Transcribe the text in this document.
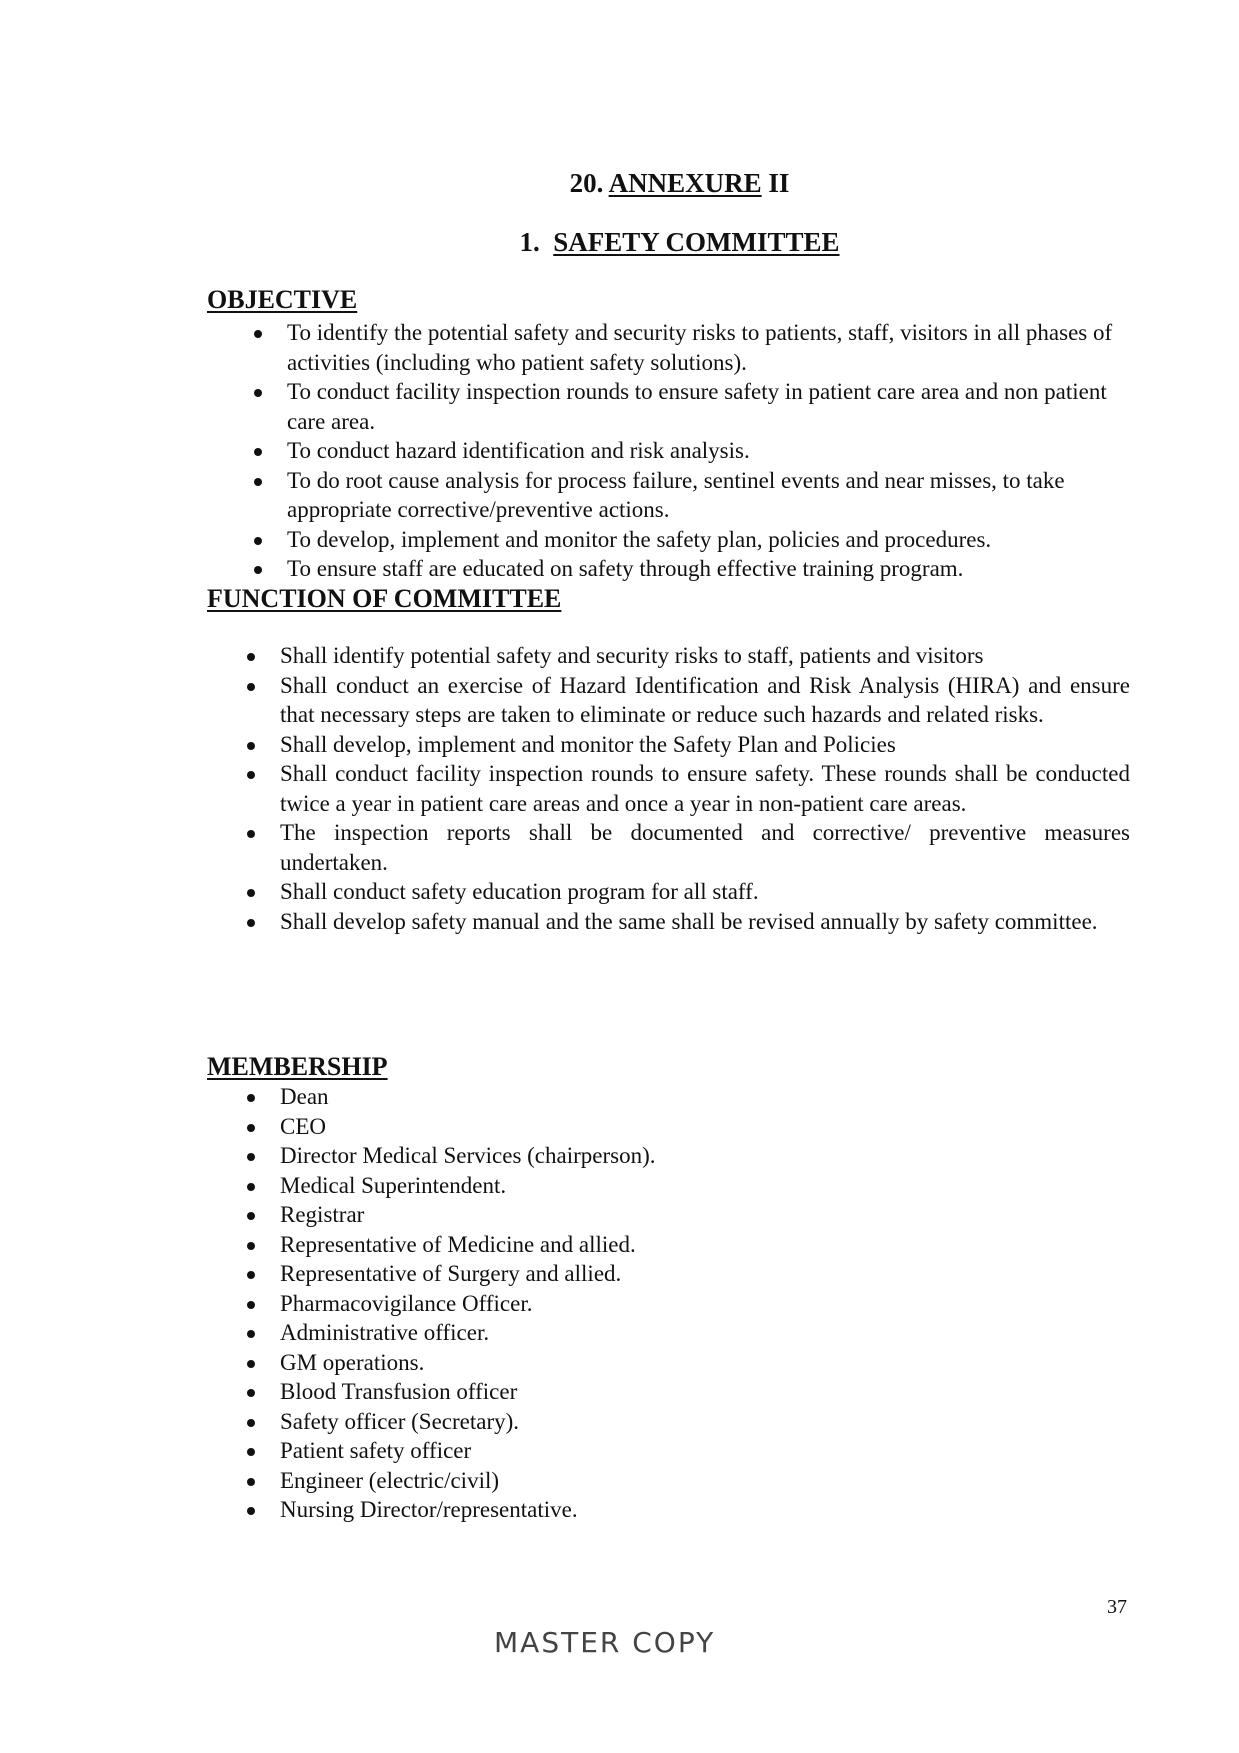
20. ANNEXURE II
1. SAFETY COMMITTEE
OBJECTIVE
To identify the potential safety and security risks to patients, staff, visitors in all phases of activities (including who patient safety solutions).
To conduct facility inspection rounds to ensure safety in patient care area and non patient care area.
To conduct hazard identification and risk analysis.
To do root cause analysis for process failure, sentinel events and near misses, to take appropriate corrective/preventive actions.
To develop, implement and monitor the safety plan, policies and procedures.
To ensure staff are educated on safety through effective training program.
FUNCTION OF COMMITTEE
Shall identify potential safety and security risks to staff, patients and visitors
Shall conduct an exercise of Hazard Identification and Risk Analysis (HIRA) and ensure that necessary steps are taken to eliminate or reduce such hazards and related risks.
Shall develop, implement and monitor the Safety Plan and Policies
Shall conduct facility inspection rounds to ensure safety. These rounds shall be conducted twice a year in patient care areas and once a year in non-patient care areas.
The inspection reports shall be documented and corrective/ preventive measures undertaken.
Shall conduct safety education program for all staff.
Shall develop safety manual and the same shall be revised annually by safety committee.
MEMBERSHIP
Dean
CEO
Director Medical Services (chairperson).
Medical Superintendent.
Registrar
Representative of Medicine and allied.
Representative of Surgery and allied.
Pharmacovigilance Officer.
Administrative officer.
GM operations.
Blood Transfusion officer
Safety officer (Secretary).
Patient safety officer
Engineer (electric/civil)
Nursing Director/representative.
37
MASTER COPY
